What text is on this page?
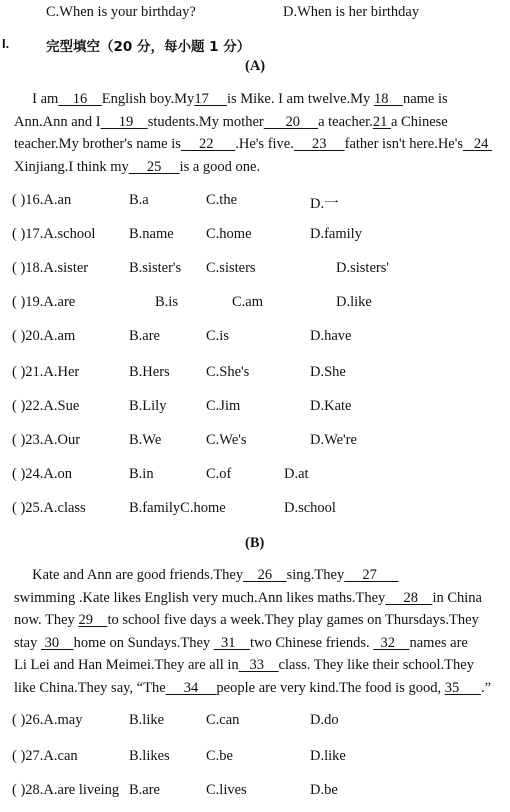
C.When is your birthday?	D.When is her birthday
I.	完型填空（20 分，每小题 1 分）
(A)
I am    16    English boy.My17     is Mike. I am twelve.My 18    name is
Ann.Ann and I     19    students.My mother      20     a teacher.21 a Chinese
teacher.My brother's name is     22      .He's five.     23     father isn't here.He's   24
Xinjiang.I think my     25     is a good one.
( )16.A.an	B.a	C.the	D.一
( )17.A.school B.name C.home	D.family
( )18.A.sister	B.sister's C.sisters	D.sisters'
( )19.A.are	B.is	C.am	D.like
( )20.A.am	B.are	C.is	D.have
( )21.A.Her	B.Hers	C.She's	D.She
( )22.A.Sue	B.Lily	C.Jim	D.Kate
( )23.A.Our	B.We	C.We's	D.We're
( )24.A.on	B.in	C.of	D.at
( )25.A.class	B.familyC.home	D.school
(B)
Kate and Ann are good friends.They    26    sing.They     27
swimming .Kate likes English very much.Ann likes maths.They     28    in China
now. They 29    to school five days a week.They play games on Thursdays.They
stay  30    home on Sundays.They   31    two Chinese friends.   32    names are
Li Lei and Han Meimei.They are all in   33    class. They like their school.They
like China.They say, “The     34     people are very kind.The food is good, 35      .”
( )26.A.may	B.like	C.can	D.do
( )27.A.can	B.likes	C.be	D.like
( )28.A.are liveing B.are	C.lives	D.be
